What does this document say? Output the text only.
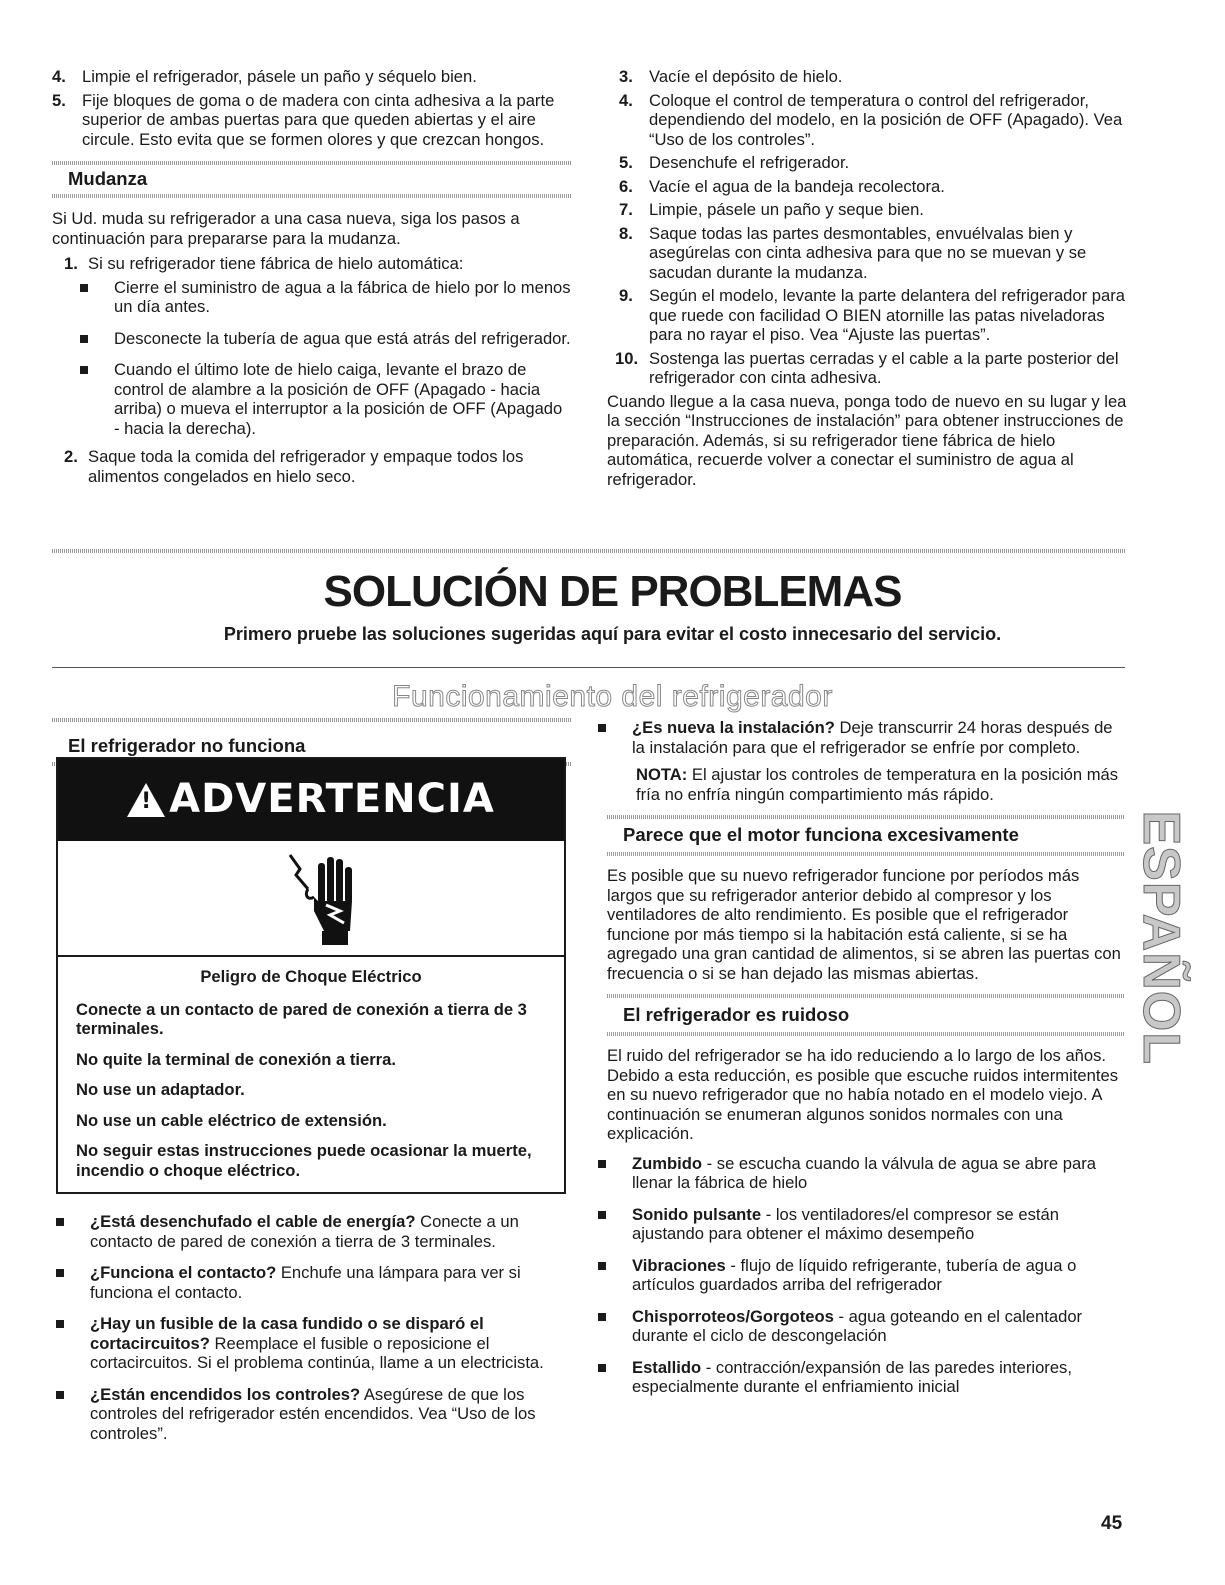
4. Limpie el refrigerador, pásele un paño y séquelo bien.
5. Fije bloques de goma o de madera con cinta adhesiva a la parte superior de ambas puertas para que queden abiertas y el aire circule. Esto evita que se formen olores y que crezcan hongos.
Mudanza

Si Ud. muda su refrigerador a una casa nueva, siga los pasos a continuación para prepararse para la mudanza.

1. Si su refrigerador tiene fábrica de hielo automática:
Cierre el suministro de agua a la fábrica de hielo por lo menos un día antes.
Desconecte la tubería de agua que está atrás del refrigerador.
Cuando el último lote de hielo caiga, levante el brazo de control de alambre a la posición de OFF (Apagado - hacia arriba) o mueva el interruptor a la posición de OFF (Apagado - hacia la derecha).
2. Saque toda la comida del refrigerador y empaque todos los alimentos congelados en hielo seco.
3. Vacíe el depósito de hielo.
4. Coloque el control de temperatura o control del refrigerador, dependiendo del modelo, en la posición de OFF (Apagado). Vea “Uso de los controles”.
5. Desenchufe el refrigerador.
6. Vacíe el agua de la bandeja recolectora.
7. Limpie, pásele un paño y seque bien.
8. Saque todas las partes desmontables, envuélvalas bien y asegúrelas con cinta adhesiva para que no se muevan y se sacudan durante la mudanza.
9. Según el modelo, levante la parte delantera del refrigerador para que ruede con facilidad O BIEN atornille las patas niveladoras para no rayar el piso. Vea “Ajuste las puertas”.
10. Sostenga las puertas cerradas y el cable a la parte posterior del refrigerador con cinta adhesiva.

Cuando llegue a la casa nueva, ponga todo de nuevo en su lugar y lea la sección “Instrucciones de instalación” para obtener instrucciones de preparación. Además, si su refrigerador tiene fábrica de hielo automática, recuerde volver a conectar el suministro de agua al refrigerador.

SOLUCIÓN DE PROBLEMAS
Primero pruebe las soluciones sugeridas aquí para evitar el costo innecesario del servicio.
Funcionamiento del refrigerador
El refrigerador no funciona
! ADVERTENCIA
Peligro de Choque Eléctrico

Conecte a un contacto de pared de conexión a tierra de 3 terminales.

No quite la terminal de conexión a tierra.

No use un adaptador.

No use un cable eléctrico de extensión.

No seguir estas instrucciones puede ocasionar la muerte, incendio o choque eléctrico.

¿Está desenchufado el cable de energía? Conecte a un contacto de pared de conexión a tierra de 3 terminales.
¿Funciona el contacto? Enchufe una lámpara para ver si funciona el contacto.
¿Hay un fusible de la casa fundido o se disparó el cortacircuitos? Reemplace el fusible o reposicione el cortacircuitos. Si el problema continúa, llame a un electricista.
¿Están encendidos los controles? Asegúrese de que los controles del refrigerador estén encendidos. Vea “Uso de los controles”.
¿Es nueva la instalación? Deje transcurrir 24 horas después de la instalación para que el refrigerador se enfríe por completo.

NOTA: El ajustar los controles de temperatura en la posición más fría no enfría ningún compartimiento más rápido.

Parece que el motor funciona excesivamente

Es posible que su nuevo refrigerador funcione por períodos más largos que su refrigerador anterior debido al compresor y los ventiladores de alto rendimiento. Es posible que el refrigerador funcione por más tiempo si la habitación está caliente, si se ha agregado una gran cantidad de alimentos, si se abren las puertas con frecuencia o si se han dejado las mismas abiertas.

El refrigerador es ruidoso

El ruido del refrigerador se ha ido reduciendo a lo largo de los años. Debido a esta reducción, es posible que escuche ruidos intermitentes en su nuevo refrigerador que no había notado en el modelo viejo. A continuación se enumeran algunos sonidos normales con una explicación.

Zumbido - se escucha cuando la válvula de agua se abre para llenar la fábrica de hielo
Sonido pulsante - los ventiladores/el compresor se están ajustando para obtener el máximo desempeño
Vibraciones - flujo de líquido refrigerante, tubería de agua o artículos guardados arriba del refrigerador
Chisporroteos/Gorgoteos - agua goteando en el calentador durante el ciclo de descongelación
Estallido - contracción/expansión de las paredes interiores, especialmente durante el enfriamiento inicial
ESPAÑOL
45
